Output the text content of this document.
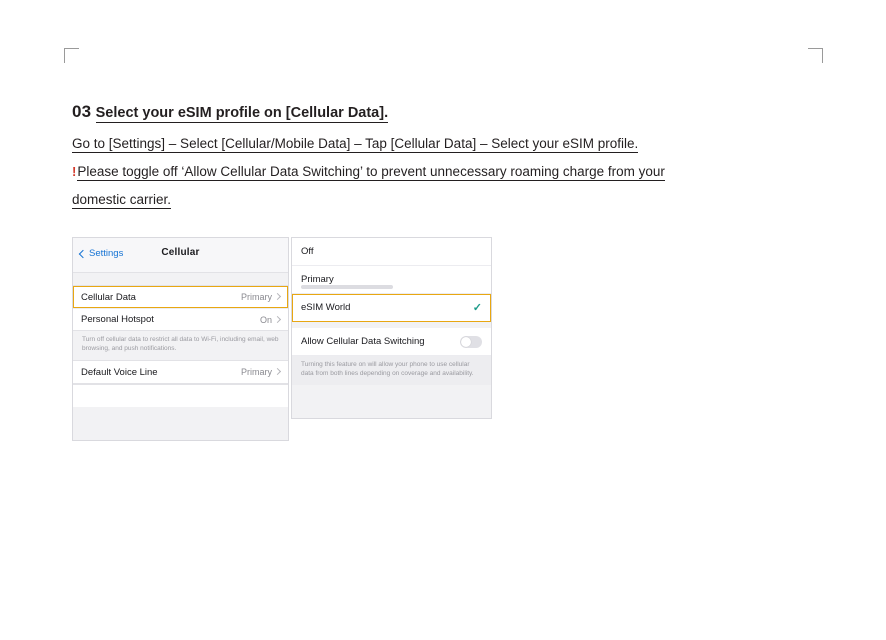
03 Select your eSIM profile on [Cellular Data].
Go to [Settings] – Select [Cellular/Mobile Data] – Tap [Cellular Data] – Select your eSIM profile.
!Please toggle off ‘Allow Cellular Data Switching’ to prevent unnecessary roaming charge from your
domestic carrier.
Settings	Cellular
Cellular Data	Primary
Personal Hotspot	On
Turn off cellular data to restrict all data to Wi-Fi, including email, web browsing, and push notifications.
Default Voice Line	Primary
Off
Primary
eSIM World	✓
Allow Cellular Data Switching
Turning this feature on will allow your phone to use cellular data from both lines depending on coverage and availability.
